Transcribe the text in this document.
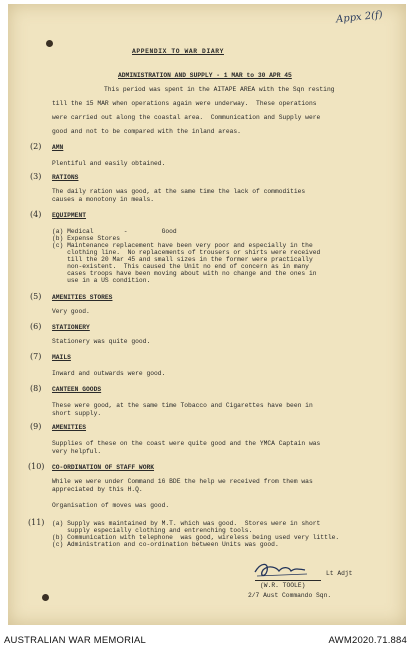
Appx 2(f)
APPENDIX TO WAR DIARY
ADMINISTRATION AND SUPPLY - 1 MAR to 30 APR 45
This period was spent in the AITAPE AREA with the Sqn resting
till the 15 MAR when operations again were underway.  These operations
were carried out along the coastal area.  Communication and Supply were
good and not to be compared with the inland areas.
(2) AMN
Plentiful and easily obtained.
(3) RATIONS
The daily ration was good, at the same time the lack of commodities
causes a monotony in meals.
(4) EQUIPMENT
(a) Medical        -         Good
(b) Expense Stores
(c) Maintenance replacement have been very poor and especially in the
clothing line.  No replacements of trousers or shirts were received
till the 20 Mar 45 and small sizes in the former were practically
non-existent.  This caused the Unit no end of concern as in many
cases troops have been moving about with no change and the ones in
use in a US condition.
(5) AMENITIES STORES
Very good.
(6) STATIONERY
Stationery was quite good.
(7) MAILS
Inward and outwards were good.
(8) CANTEEN GOODS
These were good, at the same time Tobacco and Cigarettes have been in
short supply.
(9) AMENITIES
Supplies of these on the coast were quite good and the YMCA Captain was
very helpful.
(10) CO-ORDINATION OF STAFF WORK
While we were under Command 16 BDE the help we received from them was
appreciated by this H.Q.
Organisation of moves was good.
(11) (a) Supply was maintained by M.T. which was good.  Stores were in short
supply especially clothing and entrenching tools.
(b) Communication with telephone  was good, wireless being used very little.
(c) Administration and co-ordination between Units was good.
Lt Adjt
(W.R. TOOLE)
2/7 Aust Commando Sqn.
AUSTRALIAN WAR MEMORIAL	AWM2020.71.884
